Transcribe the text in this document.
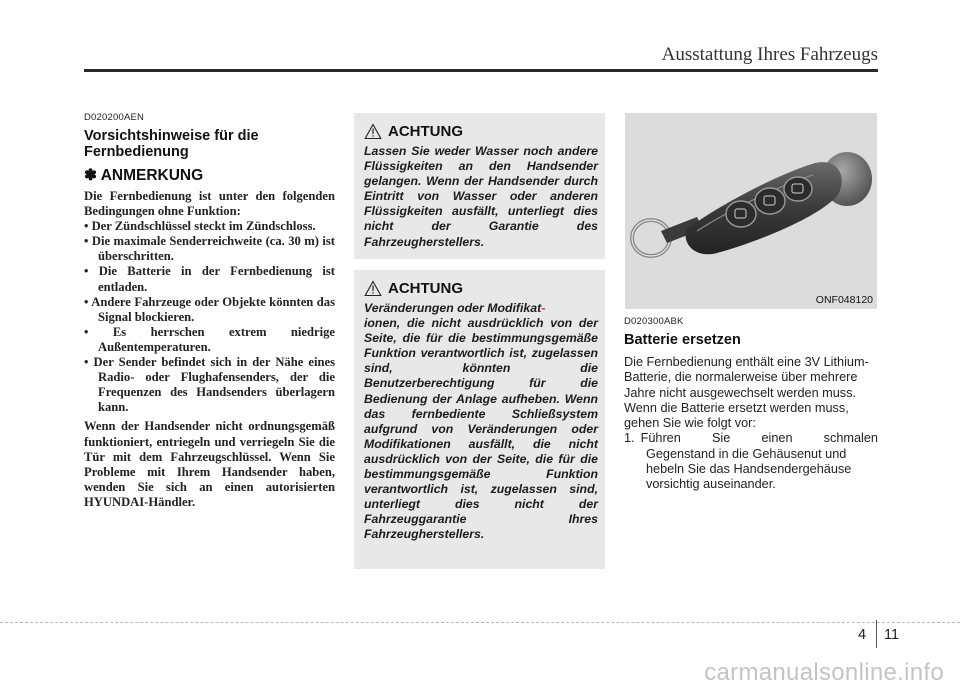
Ausstattung Ihres Fahrzeugs
D020200AEN
Vorsichtshinweise für die Fernbedienung
✽ ANMERKUNG

Die Fernbedienung ist unter den folgenden Bedingungen ohne Funktion:

• Der Zündschlüssel steckt im Zündschloss.
• Die maximale Senderreichweite (ca. 30 m) ist überschritten.
• Die Batterie in der Fernbedienung ist entladen.
• Andere Fahrzeuge oder Objekte könnten das Signal blockieren.
• Es herrschen extrem niedrige Außentemperaturen.
• Der Sender befindet sich in der Nähe eines Radio- oder Flughafensenders, der die Frequenzen des Handsenders überlagern kann.

Wenn der Handsender nicht ordnungsgemäß funktioniert, entriegeln und verriegeln Sie die Tür mit dem Fahrzeugschlüssel. Wenn Sie Probleme mit Ihrem Handsender haben, wenden Sie sich an einen autorisierten HYUNDAI-Händler.

ACHTUNG

Lassen Sie weder Wasser noch andere Flüssigkeiten an den Handsender gelangen. Wenn der Handsender durch Eintritt von Wasser oder anderen Flüssigkeiten ausfällt, unterliegt dies nicht der Garantie des Fahrzeugherstellers.

ACHTUNG

Veränderungen oder Modifikat-
ionen, die nicht ausdrücklich von der Seite, die für die bestimmungsgemäße Funktion verantwortlich ist, zugelassen sind, könnten die Benutzerberechtigung für die Bedienung der Anlage aufheben. Wenn das fernbediente Schließsystem aufgrund von Veränderungen oder Modifikationen ausfällt, die nicht ausdrücklich von der Seite, die für die bestimmungsgemäße Funktion verantwortlich ist, zugelassen sind, unterliegt dies nicht der Fahrzeuggarantie Ihres Fahrzeugherstellers.

ONF048120
D020300ABK
Batterie ersetzen

Die Fernbedienung enthält eine 3V Lithium-Batterie, die normalerweise über mehrere Jahre nicht ausgewechselt werden muss. Wenn die Batterie ersetzt werden muss, gehen Sie wie folgt vor:

1. Führen Sie einen schmalen
Gegenstand in die Gehäusenut und hebeln Sie das Handsendergehäuse vorsichtig auseinander.
4 11
carmanualsonline.info
